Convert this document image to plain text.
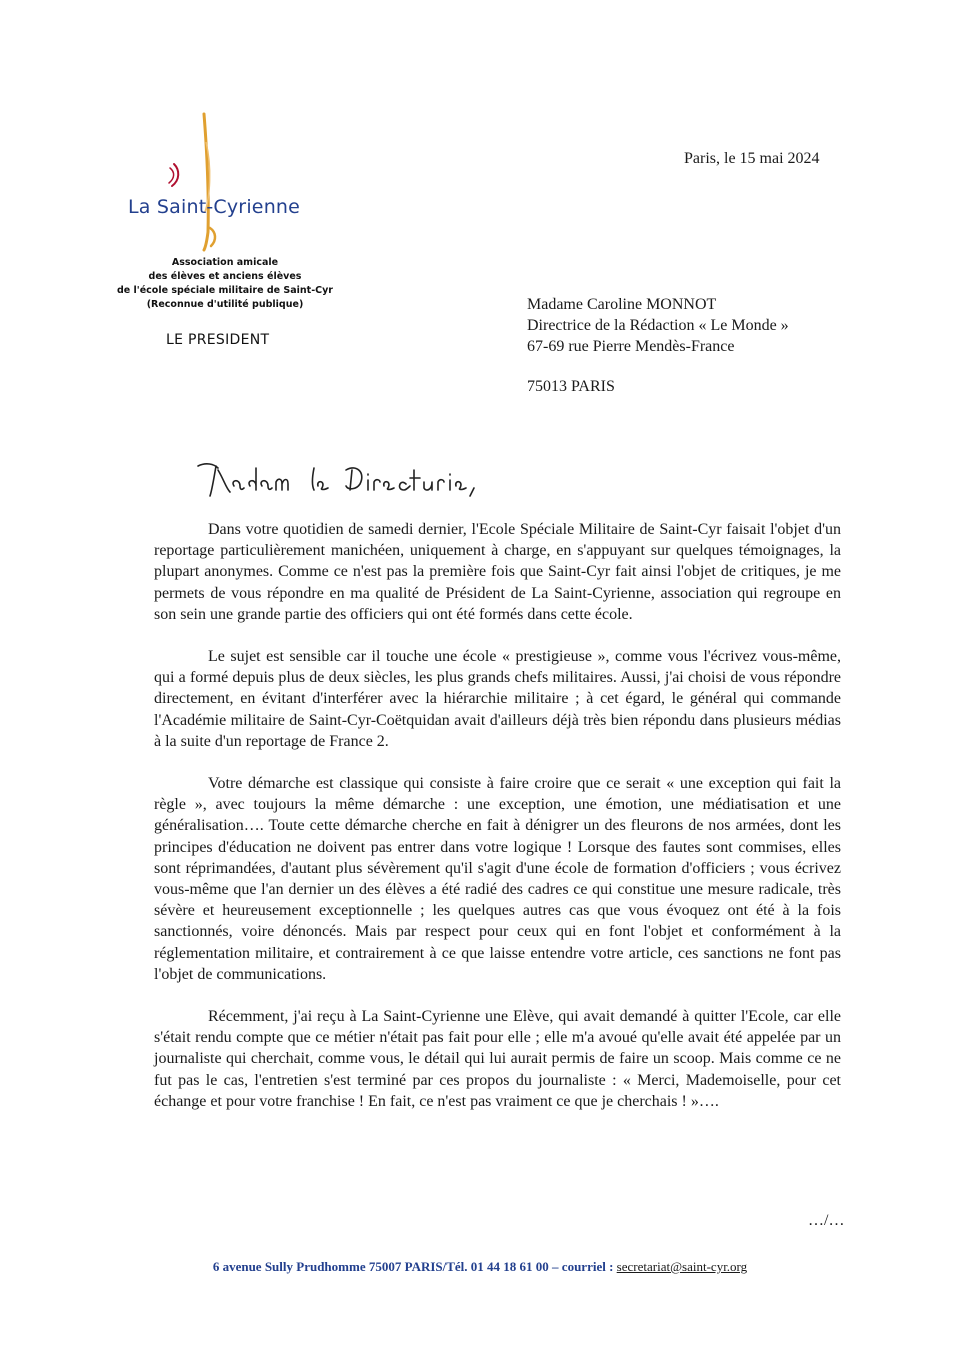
La Saint-Cyrienne
Association amicale
des élèves et anciens élèves
de l'école spéciale militaire de Saint-Cyr
(Reconnue d'utilité publique)
LE PRESIDENT
Paris, le 15 mai 2024
Madame Caroline MONNOT
Directrice de la Rédaction « Le Monde »
67-69 rue Pierre Mendès-France
75013 PARIS

Dans votre quotidien de samedi dernier, l'Ecole Spéciale Militaire de Saint-Cyr faisait l'objet d'un reportage particulièrement manichéen, uniquement à charge, en s'appuyant sur quelques témoignages, la plupart anonymes. Comme ce n'est pas la première fois que Saint-Cyr fait ainsi l'objet de critiques, je me permets de vous répondre en ma qualité de Président de La Saint-Cyrienne, association qui regroupe en son sein une grande partie des officiers qui ont été formés dans cette école.

Le sujet est sensible car il touche une école « prestigieuse », comme vous l'écrivez vous-même, qui a formé depuis plus de deux siècles, les plus grands chefs militaires. Aussi, j'ai choisi de vous répondre directement, en évitant d'interférer avec la hiérarchie militaire ; à cet égard, le général qui commande l'Académie militaire de Saint-Cyr-Coëtquidan avait d'ailleurs déjà très bien répondu dans plusieurs médias à la suite d'un reportage de France 2.

Votre démarche est classique qui consiste à faire croire que ce serait « une exception qui fait la règle », avec toujours la même démarche : une exception, une émotion, une médiatisation et une généralisation…. Toute cette démarche cherche en fait à dénigrer un des fleurons de nos armées, dont les principes d'éducation ne doivent pas entrer dans votre logique ! Lorsque des fautes sont commises, elles sont réprimandées, d'autant plus sévèrement qu'il s'agit d'une école de formation d'officiers ; vous écrivez vous-même que l'an dernier un des élèves a été radié des cadres ce qui constitue une mesure radicale, très sévère et heureusement exceptionnelle ; les quelques autres cas que vous évoquez ont été à la fois sanctionnés, voire dénoncés. Mais par respect pour ceux qui en font l'objet et conformément à la réglementation militaire, et contrairement à ce que laisse entendre votre article, ces sanctions ne font pas l'objet de communications.

Récemment, j'ai reçu à La Saint-Cyrienne une Elève, qui avait demandé à quitter l'Ecole, car elle s'était rendu compte que ce métier n'était pas fait pour elle ; elle m'a avoué qu'elle avait été appelée par un journaliste qui cherchait, comme vous, le détail qui lui aurait permis de faire un scoop. Mais comme ce ne fut pas le cas, l'entretien s'est terminé par ces propos du journaliste : « Merci, Mademoiselle, pour cet échange et pour votre franchise ! En fait, ce n'est pas vraiment ce que je cherchais ! »….

…/…
6 avenue Sully Prudhomme 75007 PARIS/Tél. 01 44 18 61 00 – courriel : secretariat@saint-cyr.org
